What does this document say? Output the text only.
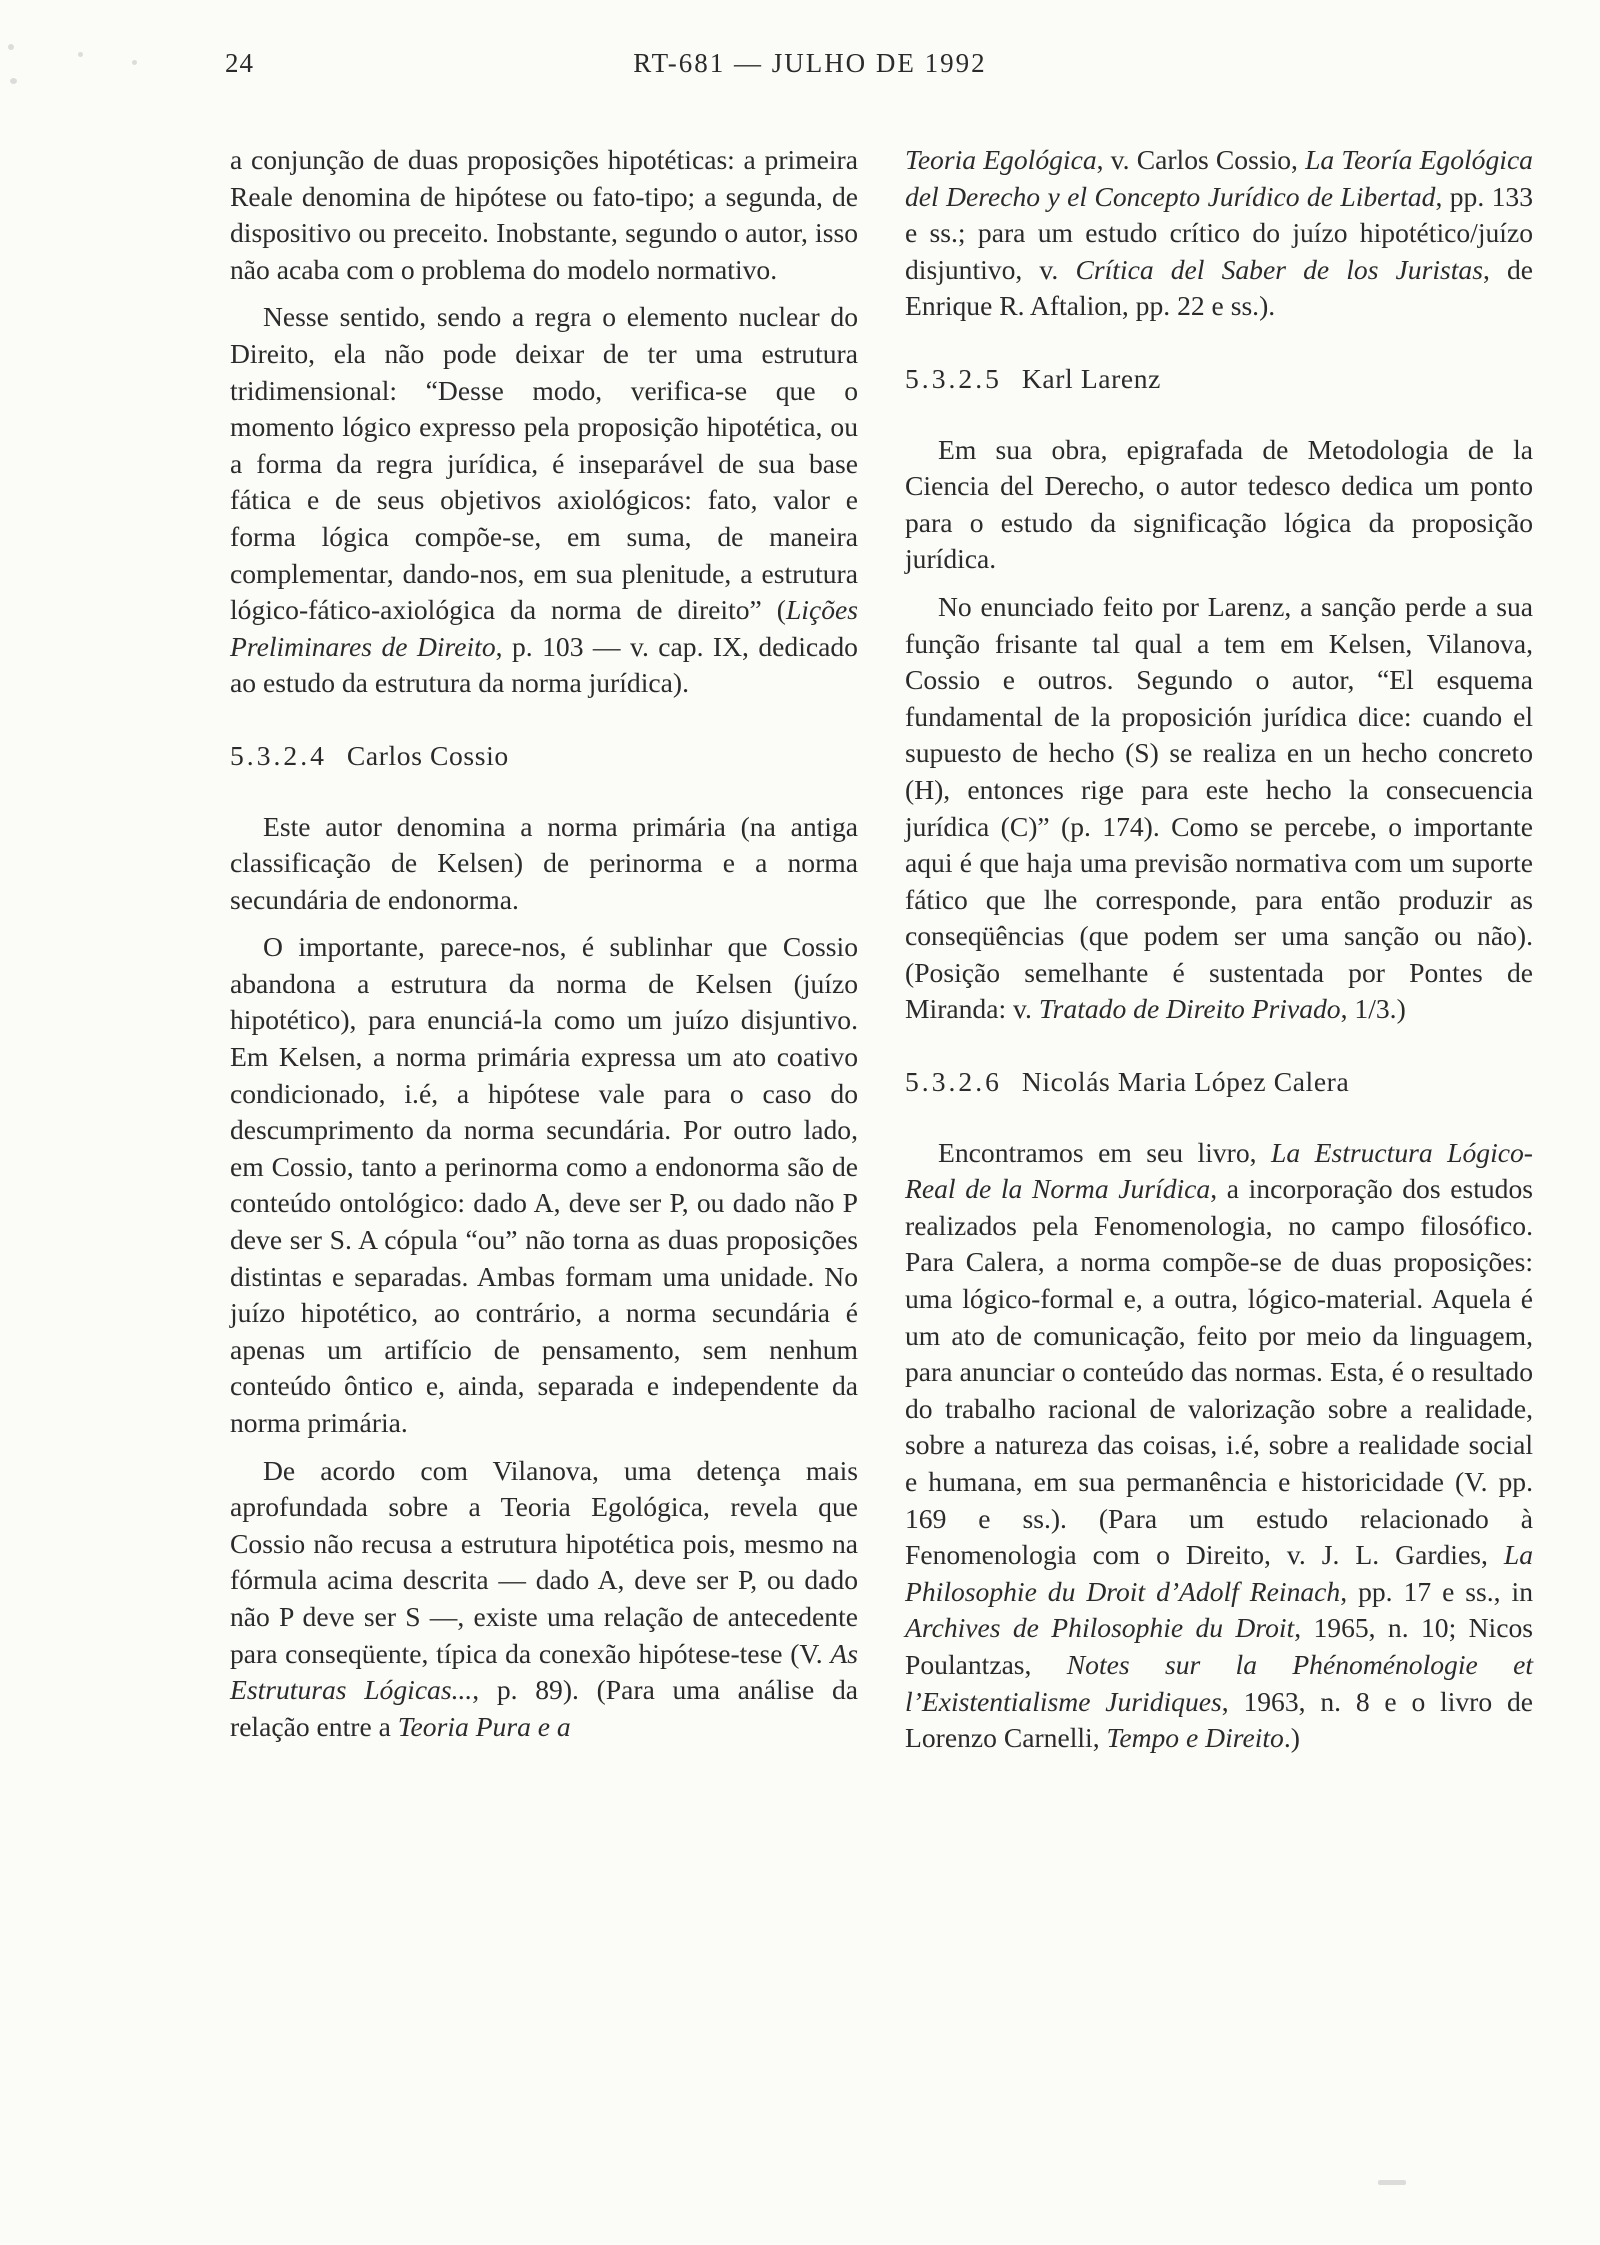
24	RT-681 — JULHO DE 1992

a conjunção de duas proposições hipotéticas: a primeira Reale denomina de hipótese ou fato-tipo; a segunda, de dispositivo ou preceito. Inobstante, segundo o autor, isso não acaba com o problema do modelo normativo.

Nesse sentido, sendo a regra o elemento nuclear do Direito, ela não pode deixar de ter uma estrutura tridimensional: “Desse modo, verifica-se que o momento lógico expresso pela proposição hipotética, ou a forma da regra jurídica, é inseparável de sua base fática e de seus objetivos axiológicos: fato, valor e forma lógica compõe-se, em suma, de maneira complementar, dando-nos, em sua plenitude, a estrutura lógico-fático-axiológica da norma de direito” (Lições Preliminares de Direito, p. 103 — v. cap. IX, dedicado ao estudo da estrutura da norma jurídica).

5.3.2.4 Carlos Cossio

Este autor denomina a norma primária (na antiga classificação de Kelsen) de perinorma e a norma secundária de endonorma.

O importante, parece-nos, é sublinhar que Cossio abandona a estrutura da norma de Kelsen (juízo hipotético), para enunciá-la como um juízo disjuntivo. Em Kelsen, a norma primária expressa um ato coativo condicionado, i.é, a hipótese vale para o caso do descumprimento da norma secundária. Por outro lado, em Cossio, tanto a perinorma como a endonorma são de conteúdo ontológico: dado A, deve ser P, ou dado não P deve ser S. A cópula “ou” não torna as duas proposições distintas e separadas. Ambas formam uma unidade. No juízo hipotético, ao contrário, a norma secundária é apenas um artifício de pensamento, sem nenhum conteúdo ôntico e, ainda, separada e independente da norma primária.

De acordo com Vilanova, uma detença mais aprofundada sobre a Teoria Egológica, revela que Cossio não recusa a estrutura hipotética pois, mesmo na fórmula acima descrita — dado A, deve ser P, ou dado não P deve ser S —, existe uma relação de antecedente para conseqüente, típica da conexão hipótese-tese (V. As Estruturas Lógicas..., p. 89). (Para uma análise da relação entre a Teoria Pura e a

Teoria Egológica, v. Carlos Cossio, La Teoría Egológica del Derecho y el Concepto Jurídico de Libertad, pp. 133 e ss.; para um estudo crítico do juízo hipotético/juízo disjuntivo, v. Crítica del Saber de los Juristas, de Enrique R. Aftalion, pp. 22 e ss.).

5.3.2.5 Karl Larenz

Em sua obra, epigrafada de Metodologia de la Ciencia del Derecho, o autor tedesco dedica um ponto para o estudo da significação lógica da proposição jurídica.

No enunciado feito por Larenz, a sanção perde a sua função frisante tal qual a tem em Kelsen, Vilanova, Cossio e outros. Segundo o autor, “El esquema fundamental de la proposición jurídica dice: cuando el supuesto de hecho (S) se realiza en un hecho concreto (H), entonces rige para este hecho la consecuencia jurídica (C)” (p. 174). Como se percebe, o importante aqui é que haja uma previsão normativa com um suporte fático que lhe corresponde, para então produzir as conseqüências (que podem ser uma sanção ou não). (Posição semelhante é sustentada por Pontes de Miranda: v. Tratado de Direito Privado, 1/3.)

5.3.2.6 Nicolás Maria López Calera

Encontramos em seu livro, La Estructura Lógico-Real de la Norma Jurídica, a incorporação dos estudos realizados pela Fenomenologia, no campo filosófico. Para Calera, a norma compõe-se de duas proposições: uma lógico-formal e, a outra, lógico-material. Aquela é um ato de comunicação, feito por meio da linguagem, para anunciar o conteúdo das normas. Esta, é o resultado do trabalho racional de valorização sobre a realidade, sobre a natureza das coisas, i.é, sobre a realidade social e humana, em sua permanência e historicidade (V. pp. 169 e ss.). (Para um estudo relacionado à Fenomenologia com o Direito, v. J. L. Gardies, La Philosophie du Droit d’Adolf Reinach, pp. 17 e ss., in Archives de Philosophie du Droit, 1965, n. 10; Nicos Poulantzas, Notes sur la Phénoménologie et l’Existentialisme Juridiques, 1963, n. 8 e o livro de Lorenzo Carnelli, Tempo e Direito.)
